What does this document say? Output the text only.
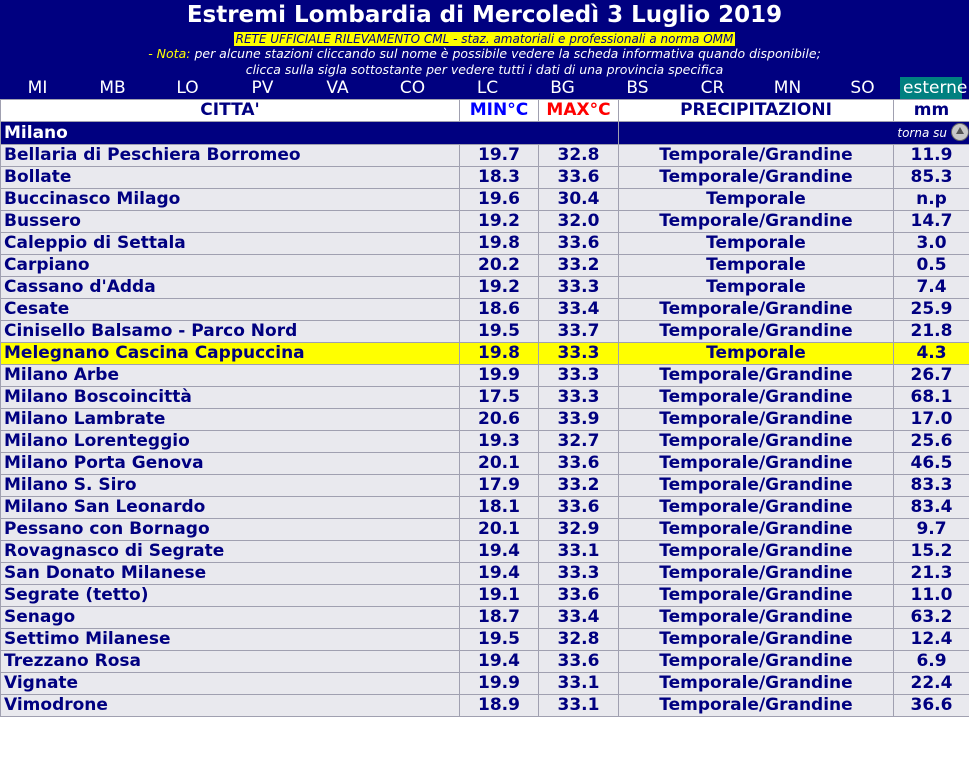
Estremi Lombardia di Mercoledì 3 Luglio 2019
RETE UFFICIALE RILEVAMENTO CML - staz. amatoriali e professionali a norma OMM
- Nota: per alcune stazioni cliccando sul nome è possibile vedere la scheda informativa quando disponibile;
clicca sulla sigla sottostante per vedere tutti i dati di una provincia specifica
MI	MB	LO	PV	VA	CO	LC	BG	BS	CR	MN	SO	esterne
CITTA'	MIN°C	MAX°C	PRECIPITAZIONI	mm
Milano			torna su	
Bellaria di Peschiera Borromeo	19.7	32.8	Temporale/Grandine	11.9
Bollate	18.3	33.6	Temporale/Grandine	85.3
Buccinasco Milago	19.6	30.4	Temporale	n.p
Bussero	19.2	32.0	Temporale/Grandine	14.7
Caleppio di Settala	19.8	33.6	Temporale	3.0
Carpiano	20.2	33.2	Temporale	0.5
Cassano d'Adda	19.2	33.3	Temporale	7.4
Cesate	18.6	33.4	Temporale/Grandine	25.9
Cinisello Balsamo - Parco Nord	19.5	33.7	Temporale/Grandine	21.8
Melegnano Cascina Cappuccina	19.8	33.3	Temporale	4.3
Milano Arbe	19.9	33.3	Temporale/Grandine	26.7
Milano Boscoincittà	17.5	33.3	Temporale/Grandine	68.1
Milano Lambrate	20.6	33.9	Temporale/Grandine	17.0
Milano Lorenteggio	19.3	32.7	Temporale/Grandine	25.6
Milano Porta Genova	20.1	33.6	Temporale/Grandine	46.5
Milano S. Siro	17.9	33.2	Temporale/Grandine	83.3
Milano San Leonardo	18.1	33.6	Temporale/Grandine	83.4
Pessano con Bornago	20.1	32.9	Temporale/Grandine	9.7
Rovagnasco di Segrate	19.4	33.1	Temporale/Grandine	15.2
San Donato Milanese	19.4	33.3	Temporale/Grandine	21.3
Segrate (tetto)	19.1	33.6	Temporale/Grandine	11.0
Senago	18.7	33.4	Temporale/Grandine	63.2
Settimo Milanese	19.5	32.8	Temporale/Grandine	12.4
Trezzano Rosa	19.4	33.6	Temporale/Grandine	6.9
Vignate	19.9	33.1	Temporale/Grandine	22.4
Vimodrone	18.9	33.1	Temporale/Grandine	36.6
